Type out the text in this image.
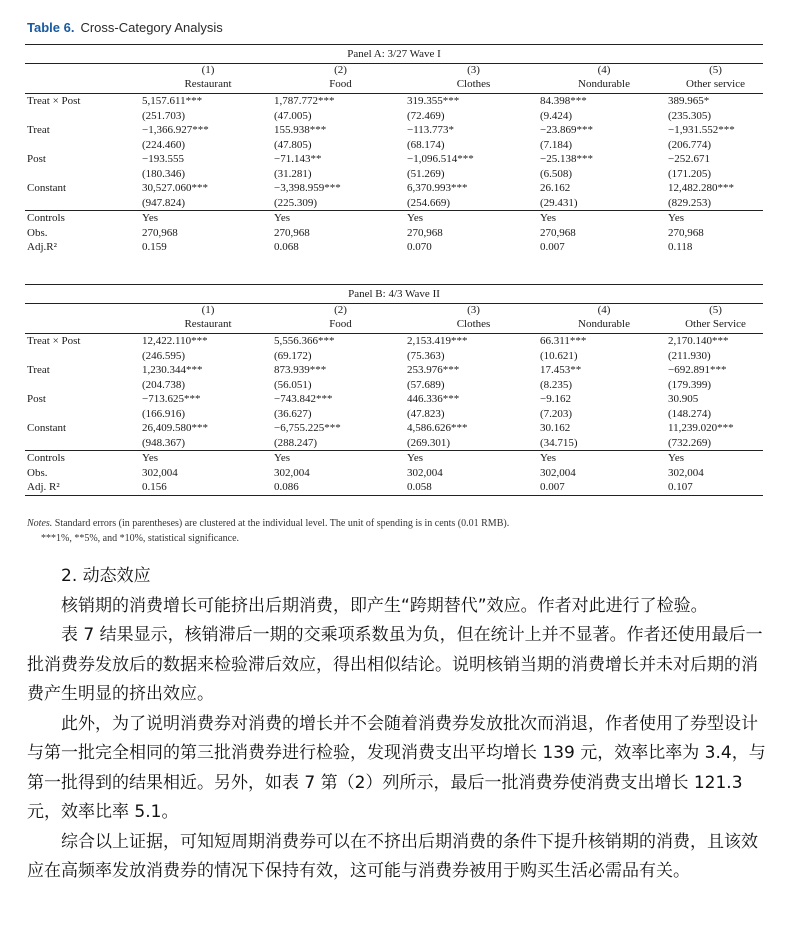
Table 6. Cross-Category Analysis
Panel A: 3/27 Wave I					
	(1)	(2)	(3)	(4)	(5)
	Restaurant	Food	Clothes	Nondurable	Other service
Treat × Post	5,157.611***	1,787.772***	319.355***	84.398***	389.965*
	(251.703)	(47.005)	(72.469)	(9.424)	(235.305)
Treat	−1,366.927***	155.938***	−113.773*	−23.869***	−1,931.552***
	(224.460)	(47.805)	(68.174)	(7.184)	(206.774)
Post	−193.555	−71.143**	−1,096.514***	−25.138***	−252.671
	(180.346)	(31.281)	(51.269)	(6.508)	(171.205)
Constant	30,527.060***	−3,398.959***	6,370.993***	26.162	12,482.280***
	(947.824)	(225.309)	(254.669)	(29.431)	(829.253)
Controls	Yes	Yes	Yes	Yes	Yes
Obs.	270,968	270,968	270,968	270,968	270,968
Adj.R²	0.159	0.068	0.070	0.007	0.118
Panel B: 4/3 Wave II					
	(1)	(2)	(3)	(4)	(5)
	Restaurant	Food	Clothes	Nondurable	Other Service
Treat × Post	12,422.110***	5,556.366***	2,153.419***	66.311***	2,170.140***
	(246.595)	(69.172)	(75.363)	(10.621)	(211.930)
Treat	1,230.344***	873.939***	253.976***	17.453**	−692.891***
	(204.738)	(56.051)	(57.689)	(8.235)	(179.399)
Post	−713.625***	−743.842***	446.336***	−9.162	30.905
	(166.916)	(36.627)	(47.823)	(7.203)	(148.274)
Constant	26,409.580***	−6,755.225***	4,586.626***	30.162	11,239.020***
	(948.367)	(288.247)	(269.301)	(34.715)	(732.269)
Controls	Yes	Yes	Yes	Yes	Yes
Obs.	302,004	302,004	302,004	302,004	302,004
Adj. R²	0.156	0.086	0.058	0.007	0.107
Notes. Standard errors (in parentheses) are clustered at the individual level. The unit of spending is in cents (0.01 RMB).
***1%, **5%, and *10%, statistical significance.

2. 动态效应

核销期的消费增长可能挤出后期消费，即产生“跨期替代”效应。作者对此进行了检验。

表 7 结果显示，核销滞后一期的交乘项系数虽为负，但在统计上并不显著。作者还使用最后一批消费券发放后的数据来检验滞后效应，得出相似结论。说明核销当期的消费增长并未对后期的消费产生明显的挤出效应。

此外，为了说明消费券对消费的增长并不会随着消费券发放批次而消退，作者使用了券型设计与第一批完全相同的第三批消费券进行检验，发现消费支出平均增长 139 元，效率比率为 3.4，与第一批得到的结果相近。另外，如表 7 第（2）列所示，最后一批消费券使消费支出增长 121.3 元，效率比率 5.1。

综合以上证据，可知短周期消费券可以在不挤出后期消费的条件下提升核销期的消费，且该效应在高频率发放消费券的情况下保持有效，这可能与消费券被用于购买生活必需品有关。
